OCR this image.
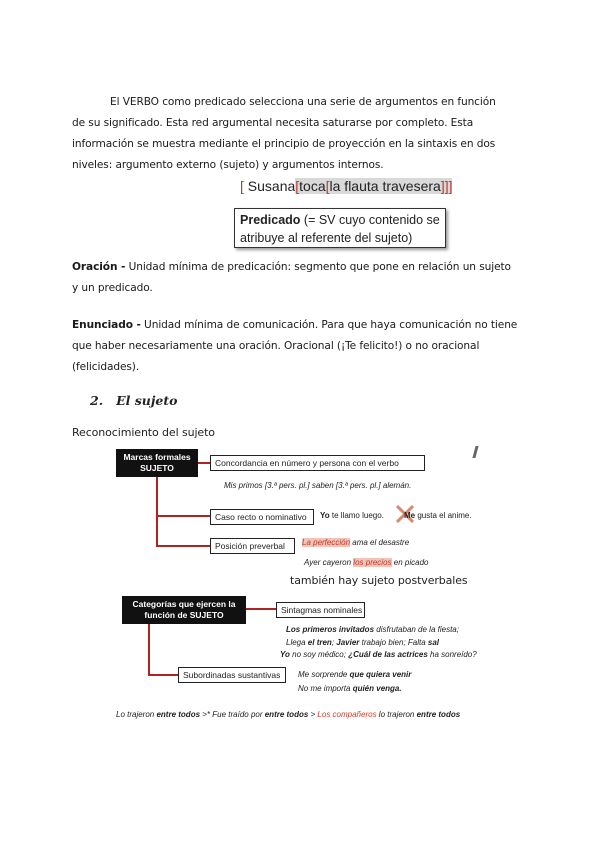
El VERBO como predicado selecciona una serie de argumentos en función
de su significado. Esta red argumental necesita saturarse por completo. Esta
información se muestra mediante el principio de proyección en la sintaxis en dos
niveles: argumento externo (sujeto) y argumentos internos.
[ Susana[toca[la flauta travesera]]]
Predicado (= SV cuyo contenido se
atribuye al referente del sujeto)
Oración - Unidad mínima de predicación: segmento que pone en relación un sujeto
y un predicado.
Enunciado - Unidad mínima de comunicación. Para que haya comunicación no tiene
que haber necesariamente una oración. Oracional (¡Te felicito!) o no oracional
(felicidades).
2. El sujeto
Reconocimiento del sujeto
Marcas formales
SUJETO	Concordancia en número y persona con el verbo
Mis primos [3.ª pers. pl.] saben [3.ª pers. pl.] alemán.
Caso recto o nominativo	Yo te llamo luego.	Me gusta el anime.
Posición preverbal	La perfección ama el desastre
Ayer cayeron los precios en picado
también hay sujeto postverbales
Categorías que ejercen la
función de SUJETO	Sintagmas nominales
Los primeros invitados disfrutaban de la fiesta;
Llega el tren; Javier trabajo bien; Falta sal
Yo no soy médico; ¿Cuál de las actrices ha sonreído?
Subordinadas sustantivas	Me sorprende que quiera venir
No me importa quién venga.
Lo trajeron entre todos >* Fue traído por entre todos > Los compañeros lo trajeron entre todos
